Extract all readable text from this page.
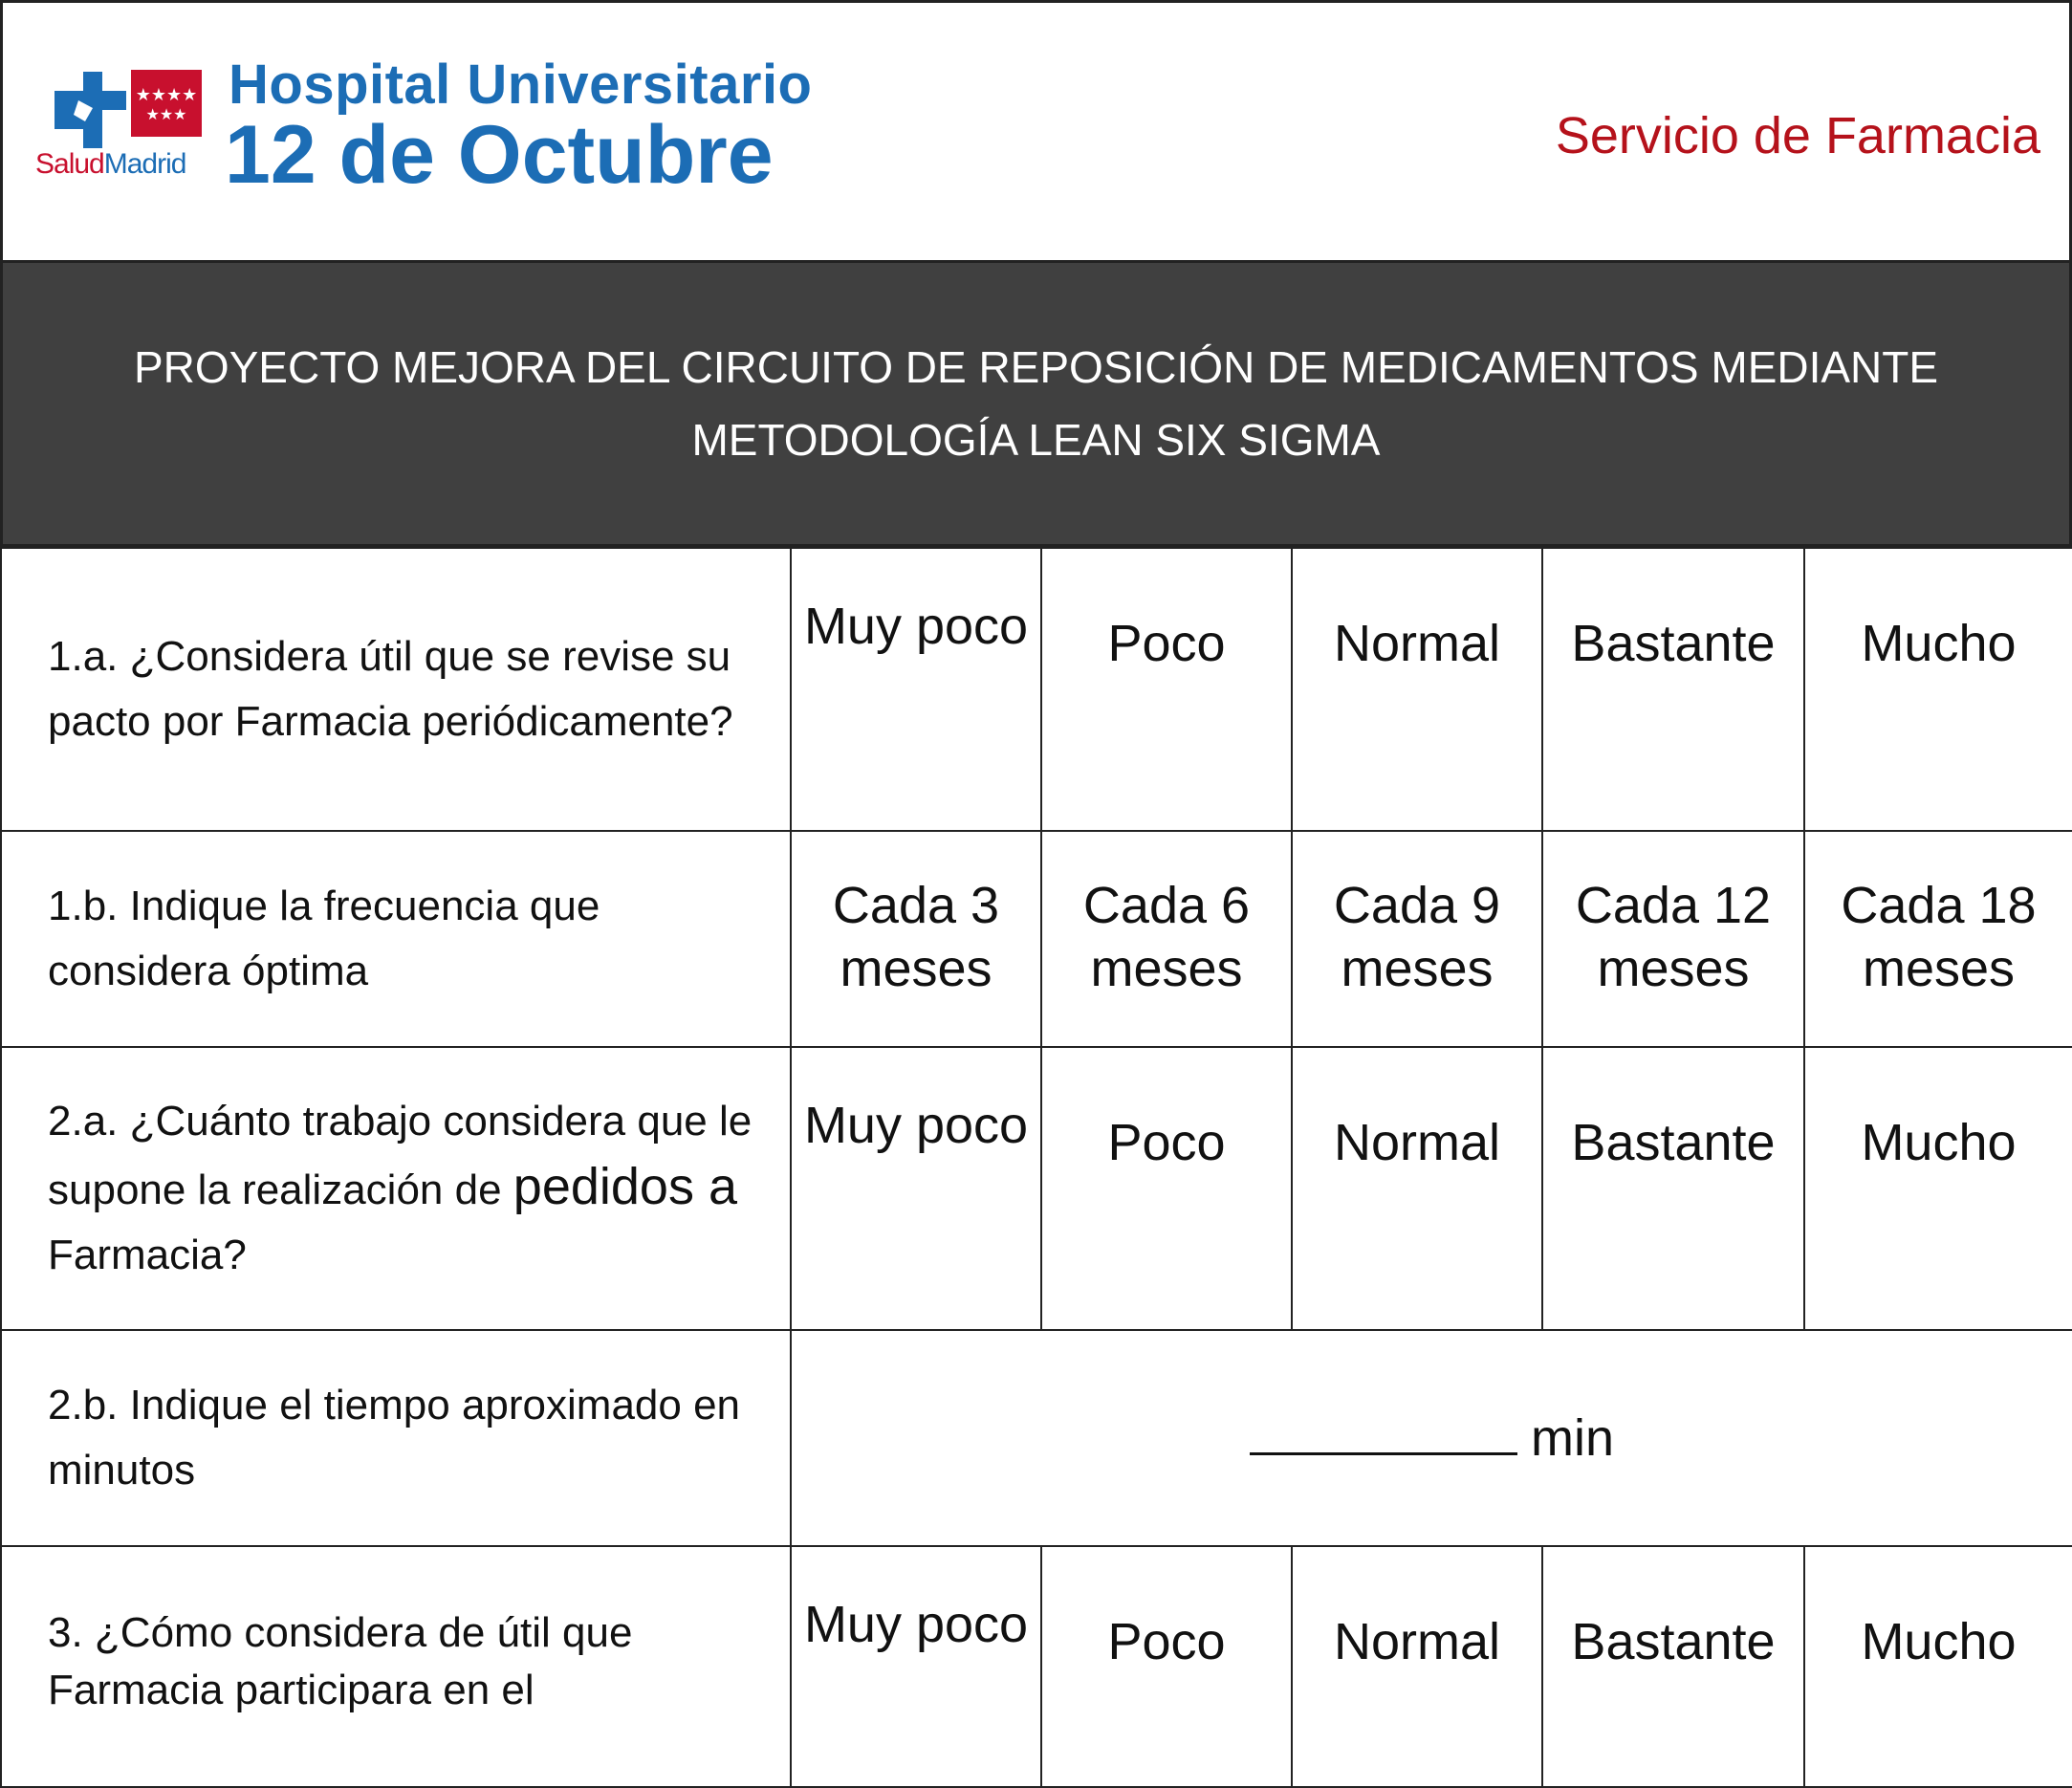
★★★★
★★★
SaludMadrid
Hospital Universitario
12 de Octubre	Servicio de Farmacia
PROYECTO MEJORA DEL CIRCUITO DE REPOSICIÓN DE MEDICAMENTOS MEDIANTE
METODOLOGÍA LEAN SIX SIGMA
1.a. ¿Considera útil que se revise su pacto por Farmacia periódicamente?	Muy poco	Poco	Normal	Bastante	Mucho
1.b. Indique la frecuencia que considera óptima	Cada 3 meses	Cada 6 meses	Cada 9 meses	Cada 12 meses	Cada 18 meses
2.a. ¿Cuánto trabajo considera que le supone la realización de pedidos a Farmacia?	Muy poco	Poco	Normal	Bastante	Mucho
2.b. Indique el tiempo aproximado en minutos	min				
3. ¿Cómo considera de útil que Farmacia participara en el	Muy poco	Poco	Normal	Bastante	Mucho
